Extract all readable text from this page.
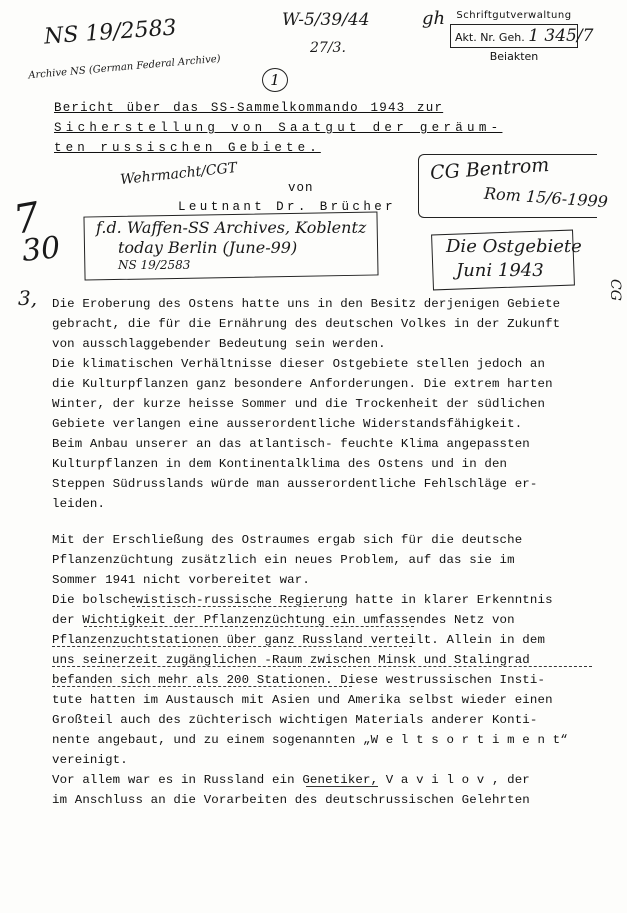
NS 19/2583
Archive NS (German Federal Archive)
W-5/39/44	gh
27/3.
Schriftgutverwaltung
Akt. Nr. Geh. 1 345/7
Beiakten
1
Bericht über das SS-Sammelkommando 1943 zur
Sicherstellung von Saatgut der geräum-
ten russischen Gebiete.
Wehrmacht/CGT	von
Leutnant Dr. Brücher
CG Bentrom
Rom 15/6-1999
f.d. Waffen-SS Archives, Koblentz
today Berlin (June-99)
NS 19/2583
Die Ostgebiete
Juni 1943
7
30
3,	CG
Die Eroberung des Ostens hatte uns in den Besitz derjenigen Gebiete
gebracht, die für die Ernährung des deutschen Volkes in der Zukunft
von ausschlaggebender Bedeutung sein werden.
Die klimatischen Verhältnisse dieser Ostgebiete stellen jedoch an
die Kulturpflanzen ganz besondere Anforderungen. Die extrem harten
Winter, der kurze heisse Sommer und die Trockenheit der südlichen
Gebiete verlangen eine ausserordentliche Widerstandsfähigkeit.
Beim Anbau unserer an das atlantisch- feuchte Klima angepassten
Kulturpflanzen in dem Kontinentalklima des Ostens und in den
Steppen Südrusslands würde man ausserordentliche Fehlschläge er-
leiden.
Mit der Erschließung des Ostraumes ergab sich für die deutsche
Pflanzenzüchtung zusätzlich ein neues Problem, auf das sie im
Sommer 1941 nicht vorbereitet war.
Die bolschewistisch-russische Regierung hatte in klarer Erkenntnis
der Wichtigkeit der Pflanzenzüchtung ein umfassendes Netz von
Pflanzenzuchtstationen über ganz Russland verteilt. Allein in dem
uns seinerzeit zugänglichen -Raum zwischen Minsk und Stalingrad
befanden sich mehr als 200 Stationen. Diese westrussischen Insti-
tute hatten im Austausch mit Asien und Amerika selbst wieder einen
Großteil auch des züchterisch wichtigen Materials anderer Konti-
nente angebaut, und zu einem sogenannten „W e l t s o r t i m e n t“
vereinigt.
Vor allem war es in Russland ein Genetiker, V a v i l o v , der
im Anschluss an die Vorarbeiten des deutschrussischen Gelehrten
